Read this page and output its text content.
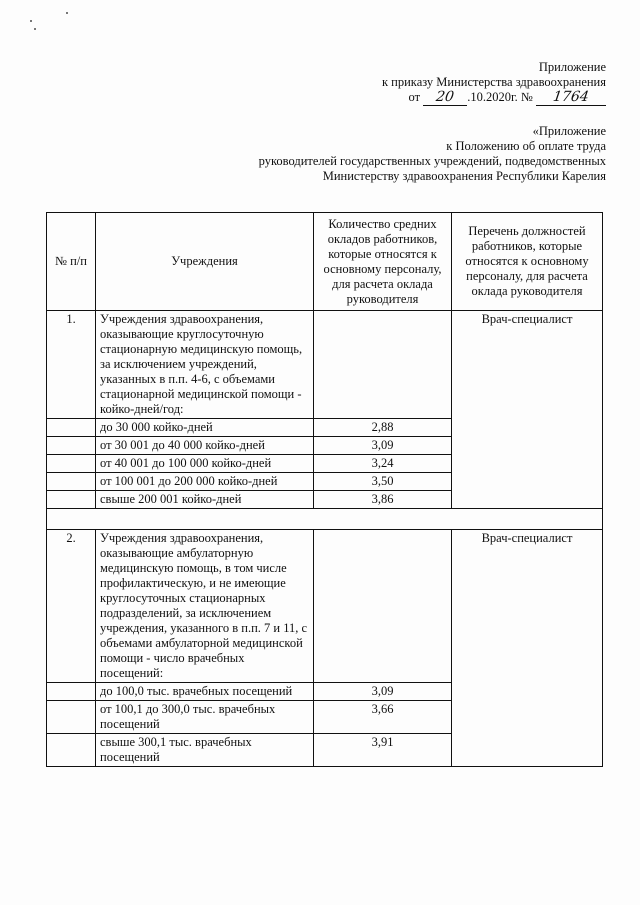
Приложение
к приказу Министерства здравоохранения
от 20 .10.2020г. № 1764
«Приложение
к Положению об оплате труда
руководителей государственных учреждений, подведомственных
Министерству здравоохранения Республики Карелия
№ п/п	Учреждения	Количество средних окладов работников, которые относятся к основному персоналу, для расчета оклада руководителя	Перечень должностей работников, которые относятся к основному персоналу, для расчета оклада руководителя
1.	Учреждения здравоохранения, оказывающие круглосуточную стационарную медицинскую помощь, за исключением учреждений, указанных в п.п. 4-6, с объемами стационарной медицинской помощи - койко-дней/год:		Врач-специалист
	до 30 000 койко-дней	2,88	
	от 30 001 до 40 000 койко-дней	3,09	
	от 40 001 до 100 000 койко-дней	3,24	
	от 100 001 до 200 000 койко-дней	3,50	
	свыше 200 001 койко-дней	3,86	

2.	Учреждения здравоохранения, оказывающие амбулаторную медицинскую помощь, в том числе профилактическую, и не имеющие круглосуточных стационарных подразделений, за исключением учреждения, указанного в п.п. 7 и 11, с объемами амбулаторной медицинской помощи - число врачебных посещений:		Врач-специалист
	до 100,0 тыс. врачебных посещений	3,09	
	от 100,1 до 300,0 тыс. врачебных посещений	3,66	
	свыше 300,1 тыс. врачебных посещений	3,91	
